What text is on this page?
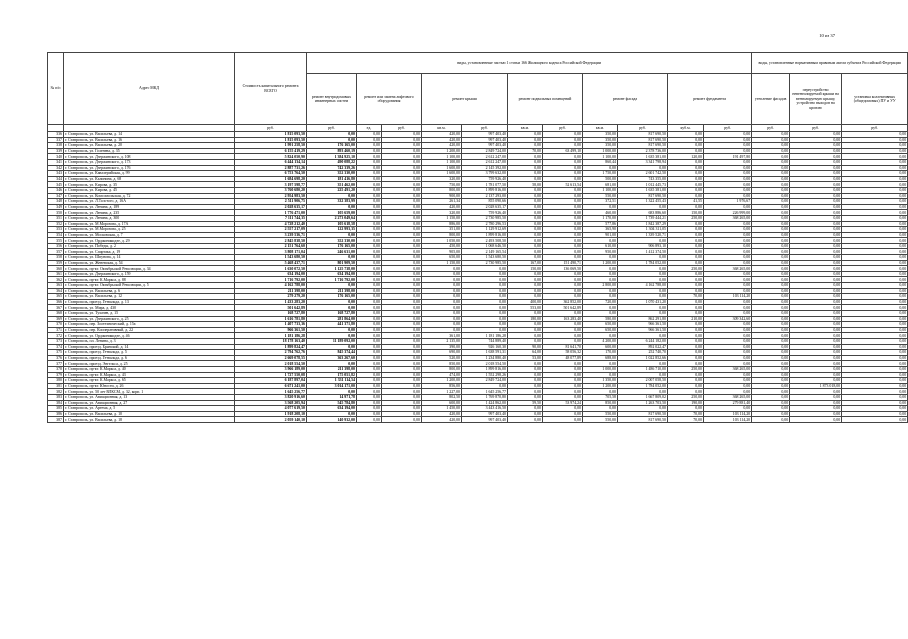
10 из 37
№ п/п	Адрес МКД	Стоимость капитального ремонта ВСЕГО	виды, установленные частью 1 статьи 166 Жилищного кодекса Российской Федерации											виды, установленные нормативным правовым актом субъекта Российской Федерации		
			ремонт внутридомовых инженерных систем	ремонт или замена лифтового оборудования		ремонт крыши		ремонт подвальных помещений		ремонт фасада		ремонт фундамента		утепление фасадов	переустройство невентилируемой крыши на вентилируемую крышу, устройство выходов на кровлю	установка коллективных (общедомовых) ПУ и УУ
		руб.	руб.	ед.	руб.	кв.м.	руб.	кв.м.	руб.	кв.м.	руб.	куб.м.	руб.	руб.	руб.	руб.
336	г. Ставрополь, ул. Васильева, д. 14	1 815 093,50	0,00	0,00	0,00	420,00	997 403,40	0,00	0,00	350,00	817 690,50	0,00	0,00	0,00	0,00	0,00
337	г. Ставрополь, ул. Васильева, д. 16	1 815 093,50	0,00	0,00	0,00	420,00	997 403,40	0,00	0,00	350,00	817 690,50	0,00	0,00	0,00	0,00	0,00
338	г. Ставрополь, ул. Васильева, д. 20	1 991 258,50	176 165,00	0,00	0,00	420,00	997 403,40	0,00	0,00	350,00	817 690,50	0,00	0,00	0,00	0,00	0,00
339	г. Ставрополь, ул. Голенева, д. 35	6 155 419,29	893 460,19	0,00	0,00	1 200,00	2 849 724,00	70,00	63 499,10	1 000,00	2 378 736,00	0,00	0,00	0,00	0,00	0,00
340	г. Ставрополь, ул. Дзержинского, д. 108	5 824 050,90	1 384 925,10	0,00	0,00	1 100,00	2 612 247,00	0,00	0,00	1 100,00	1 635 381,00	120,00	191 497,80	0,00	0,00	0,00
341	г. Ставрополь, ул. Дзержинского, д. 173	6 444 134,14	490 088,22	0,00	0,00	1 100,00	2 612 247,00	0,00	0,00	860,44	3 341 798,94	0,00	0,00	0,00	0,00	0,00
342	г. Ставрополь, ул. Дзержинского, д. 176	2 887 731,26	742 339,26	0,00	0,00	1 600,00	2 145 392,00	0,00	0,00	0,00	0,00	0,00	0,00	0,00	0,00	0,00
343	г. Ставрополь, ул. Кавалерийская, д. 99	6 753 764,50	352 330,00	0,00	0,00	1 600,00	3 799 632,00	0,00	0,00	1 750,00	2 601 742,50	0,00	0,00	0,00	0,00	0,00
344	г. Ставрополь, ул. Калинина, д. 68	1 684 698,20	181 416,80	0,00	0,00	320,00	759 926,40	0,00	0,00	500,00	743 355,00	0,00	0,00	0,00	0,00	0,00
345	г. Ставрополь, ул. Кирова, д. 35	3 197 598,77	351 462,00	0,00	0,00	750,00	1 781 077,50	58,00	52 613,54	681,00	1 012 445,73	0,00	0,00	0,00	0,00	0,00
346	г. Ставрополь, ул. Кирова, д. 45	3 760 680,20	225 491,20	0,00	0,00	800,00	1 899 816,00	0,00	0,00	1 100,00	1 635 381,00	0,00	0,00	0,00	0,00	0,00
347	г. Ставрополь, ул. Комсомольская, д. 72	2 954 983,50	0,00	0,00	0,00	900,00	2 137 293,00	0,00	0,00	550,00	817 690,50	0,00	0,00	0,00	0,00	0,00
348	г. Ставрополь, ул. Л.Толстого, д. 16А	2 511 906,75	332 383,99	0,00	0,00	261,34	855 090,66	0,00	0,00	372,51	1 322 455,43	41,55	1 976,67	0,00	0,00	0,00
349	г. Ставрополь, ул. Ленина, д. 189	2 028 635,17	0,00	0,00	0,00	420,00	2 028 635,17	0,00	0,00	0,00	0,00	0,00	0,00	0,00	0,00	0,00
350	г. Ставрополь, ул. Ленина, д. 235	1 776 471,00	105 659,00	0,00	0,00	320,00	759 926,40	0,00	0,00	460,00	683 886,60	150,00	226 999,00	0,00	0,00	0,00
351	г. Ставрополь, ул. Ленина, д. 300	7 111 744,35	2 273 049,64	0,00	0,00	1 150,00	2 730 985,50	0,00	0,00	1 170,00	1 739 444,21	250,00	368 265,00	0,00	0,00	0,00
352	г. Ставрополь, ул. М.Морозова, д. 17А	4 728 212,40	105 618,58	0,00	0,00	886,00	2 780 296,53	0,00	0,00	577,86	1 842 387,29	0,00	0,00	0,00	0,00	0,00
353	г. Ставрополь, ул. М.Морозова, д. 25	2 557 217,09	122 993,35	0,00	0,00	351,00	1 129 912,69	0,00	0,00	365,90	1 304 311,05	0,00	0,00	0,00	0,00	0,00
354	г. Ставрополь, ул. Московская, д. 7	3 239 536,71	0,00	0,00	0,00	800,00	1 899 816,00	0,00	0,00	901,00	1 339 520,71	0,00	0,00	0,00	0,00	0,00
355	г. Ставрополь, ул. Орджоникидзе, д. 29	2 845 838,50	352 330,00	0,00	0,00	1 050,00	2 493 508,50	0,00	0,00	0,00	0,00	0,00	0,00	0,00	0,00	0,00
356	г. Ставрополь, ул. Победы, д. 2	2 151 764,60	176 165,00	0,00	0,00	450,00	1 068 646,50	0,00	0,00	610,00	906 893,10	0,00	0,00	0,00	0,00	0,00
357	г. Ставрополь, ул. Спартака, д. 19	3 808 171,04	246 631,00	0,00	0,00	905,00	2 149 165,54	0,00	0,00	950,00	1 412 374,50	0,00	0,00	0,00	0,00	0,00
358	г. Ставрополь, ул. Шпунова, д. 14	1 543 680,50	0,00	0,00	0,00	650,00	1 543 680,50	0,00	0,00	0,00	0,00	0,00	0,00	0,00	0,00	0,00
359	г. Ставрополь, ул. Женевская, д. 54	5 468 437,71	801 909,50	0,00	0,00	1 150,00	2 730 985,50	167,00	151 490,71	1 200,00	1 784 052,00	0,00	0,00	0,00	0,00	0,00
360	г. Ставрополь, пр-кт. Октябрьской Революции, д. 34	1 630 072,50	1 125 738,00	0,00	0,00	0,00	0,00	150,00	136 069,50	0,00	0,00	250,00	368 265,00	0,00	0,00	0,00
361	г. Ставрополь, ул. Дзержинского, д. 159	634 194,00	634 194,00	0,00	0,00	0,00	0,00	0,00	0,00	0,00	0,00	0,00	0,00	0,00	0,00	0,00
362	г. Ставрополь, пр-кт. К.Маркса, д. 88	1 716 792,00	1 716 792,00	0,00	0,00	0,00	0,00	0,00	0,00	0,00	0,00	0,00	0,00	0,00	0,00	0,00
363	г. Ставрополь, пр-кт. Октябрьской Революции, д. 5	4 162 788,00	0,00	0,00	0,00	0,00	0,00	0,00	0,00	2 800,00	4 162 788,00	0,00	0,00	0,00	0,00	0,00
364	г. Ставрополь, ул. Васильева, д. 6	211 398,00	211 398,00	0,00	0,00	0,00	0,00	0,00	0,00	0,00	0,00	0,00	0,00	0,00	0,00	0,00
365	г. Ставрополь, ул. Васильева, д. 12	279 279,20	176 165,00	0,00	0,00	0,00	0,00	0,00	0,00	0,00	0,00	70,00	103 114,20	0,00	0,00	0,00
366	г. Ставрополь, проезд. Гетвальда, д. 13	1 433 283,20	0,00	0,00	0,00	0,00	0,00	400,00	362 852,00	720,00	1 070 431,20	0,00	0,00	0,00	0,00	0,00
367	г. Ставрополь, ул. Мира, д. 430	501 642,89	0,00	0,00	0,00	0,00	0,00	553,00	501 642,89	0,00	0,00	0,00	0,00	0,00	0,00	0,00
368	г. Ставрополь, ул. Тухачев, д. 15	168 727,80	168 727,80	0,00	0,00	0,00	0,00	0,00	0,00	0,00	0,00	0,00	0,00	0,00	0,00	0,00
369	г. Ставрополь, ул. Дзержинского, д. 25	1 616 781,80	281 864,00	0,00	0,00	0,00	0,00	180,00	163 283,40	580,00	862 291,80	210,00	309 342,60	0,00	0,00	0,00
370	г. Ставрополь, пер. Зоотехнический, д. 15а	1 407 733,36	441 371,80	0,00	0,00	0,00	0,00	0,00	0,00	650,00	966 361,50	0,00	0,00	0,00	0,00	0,00
371	г. Ставрополь, пер. Кооперативный, д. 22	966 361,50	0,00	0,00	0,00	0,00	0,00	0,00	0,00	650,00	966 361,50	0,00	0,00	0,00	0,00	0,00
372	г. Ставрополь, ул. Орджоникидзе, д. 46	1 181 186,28	0,00	0,00	0,00	361,00	1 181 186,28	0,00	0,00	0,00	0,00	0,00	0,00	0,00	0,00	0,00
373	г. Ставрополь, пл. Ленина, д. 3	18 178 163,40	11 189 092,00	0,00	0,00	2 135,00	744 889,40	0,00	0,00	4 200,00	6 244 182,00	0,00	0,00	0,00	0,00	0,00
374	г. Ставрополь, проезд. Брянский, д. 14	1 899 824,47	0,00	0,00	0,00	390,00	926 160,30	90,00	81 641,70	600,00	892 022,47	0,00	0,00	0,00	0,00	0,00
375	г. Ставрополь, проезд. Гетвальда, д. 5	2 794 762,76	845 374,44	0,00	0,00	690,00	1 638 591,31	64,00	58 056,32	170,00	252 740,70	0,00	0,00	0,00	0,00	0,00
376	г. Ставрополь, проезд. Гетвальда, д. 6	2 669 078,55	363 267,60	0,00	0,00	520,00	1 234 880,40	53,00	48 077,89	688,00	1 022 852,66	0,00	0,00	0,00	0,00	0,00
377	г. Ставрополь, проезд. Энгельса, д. 25	2 018 554,50	0,00	0,00	0,00	850,00	2 018 554,50	0,00	0,00	0,00	0,00	0,00	0,00	0,00	0,00	0,00
378	г. Ставрополь, пр-кт. К.Маркса, д. 40	3 966 189,00	211 398,00	0,00	0,00	800,00	1 899 816,00	0,00	0,00	1 000,00	1 486 710,00	250,00	368 265,00	0,00	0,00	0,00
379	г. Ставрополь, пр-кт. К.Маркса, д. 43	1 727 550,08	175 051,82	0,00	0,00	474,00	1 552 298,26	0,00	0,00	0,00	0,00	0,00	0,00	0,00	0,00	0,00
380	г. Ставрополь, пр-кт. К.Маркса, д. 65	6 187 897,04	1 331 114,54	0,00	0,00	1 200,00	2 849 724,00	0,00	0,00	1 350,00	2 007 058,50	0,00	0,00	0,00	0,00	0,00
381	г. Ставрополь, пр-кт. Юности, д. 26	6 671 241,00	3 014 171,00	0,00	0,00	856,00	0,00	0,00	0,00	1 200,00	1 784 052,00	0,00	0,00	0,00	1 873 018,00	0,00
382	г. Ставрополь, ул. 50 лет ВЛКСМ, д. 32, корп. 1	1 645 256,77	0,00	0,00	0,00	1 227,00	1 645 256,77	0,00	0,00	0,00	0,00	0,00	0,00	0,00	0,00	0,00
383	г. Ставрополь, ул. Авиационная, д. 13	3 820 916,60	14 971,78	0,00	0,00	802,50	1 769 870,80	0,00	0,00	705,58	1 667 809,02	250,00	368 265,00	0,00	0,00	0,00
384	г. Ставрополь, ул. Авиационная, д. 27	3 568 205,94	545 784,80	0,00	0,00	600,00	1 424 862,00	59,50	53 974,24	850,00	1 263 703,50	190,00	279 881,40	0,00	0,00	0,00
385	г. Ставрополь, ул. Артема, д. 5	4 077 619,50	634 194,00	0,00	0,00	1 450,00	3 443 416,50	0,00	0,00	0,00	0,00	0,00	0,00	0,00	0,00	0,00
386	г. Ставрополь, ул. Васильева, д. 10	1 918 208,10	0,00	0,00	0,00	420,00	997 403,40	0,00	0,00	550,00	817 690,50	70,00	103 114,20	0,00	0,00	0,00
387	г. Ставрополь, ул. Васильева, д. 18	2 059 140,10	140 932,00	0,00	0,00	420,00	997 403,40	0,00	0,00	550,00	817 690,50	70,00	103 114,20	0,00	0,00	0,00
